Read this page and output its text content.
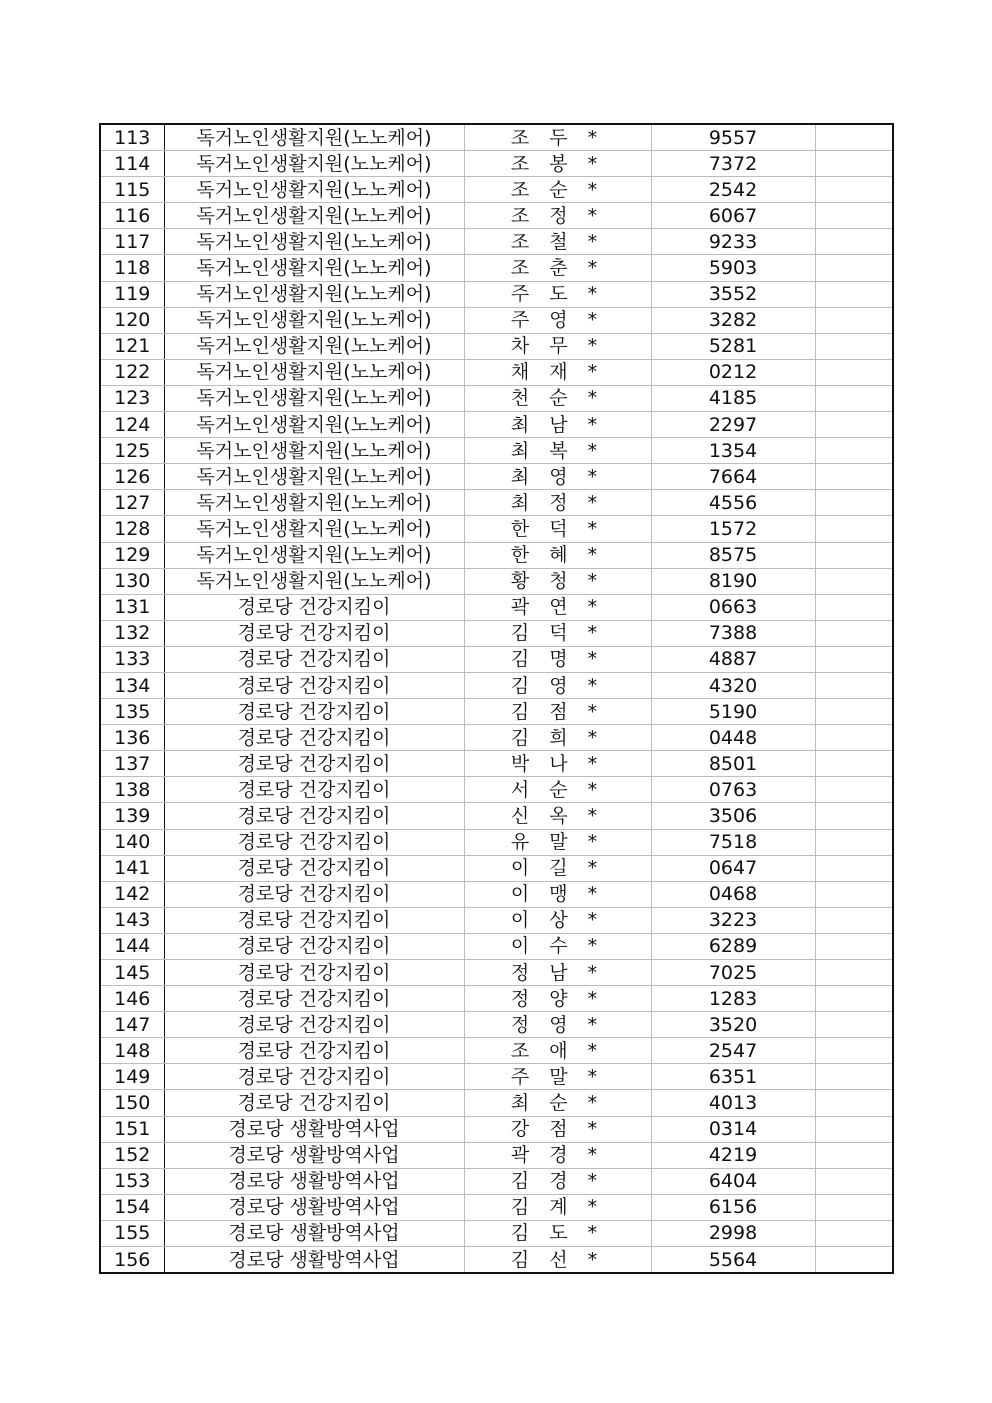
113	독거노인생활지원(노노케어)	조 두 *	9557	
114	독거노인생활지원(노노케어)	조 봉 *	7372	
115	독거노인생활지원(노노케어)	조 순 *	2542	
116	독거노인생활지원(노노케어)	조 정 *	6067	
117	독거노인생활지원(노노케어)	조 철 *	9233	
118	독거노인생활지원(노노케어)	조 춘 *	5903	
119	독거노인생활지원(노노케어)	주 도 *	3552	
120	독거노인생활지원(노노케어)	주 영 *	3282	
121	독거노인생활지원(노노케어)	차 무 *	5281	
122	독거노인생활지원(노노케어)	채 재 *	0212	
123	독거노인생활지원(노노케어)	천 순 *	4185	
124	독거노인생활지원(노노케어)	최 남 *	2297	
125	독거노인생활지원(노노케어)	최 복 *	1354	
126	독거노인생활지원(노노케어)	최 영 *	7664	
127	독거노인생활지원(노노케어)	최 정 *	4556	
128	독거노인생활지원(노노케어)	한 덕 *	1572	
129	독거노인생활지원(노노케어)	한 혜 *	8575	
130	독거노인생활지원(노노케어)	황 청 *	8190	
131	경로당 건강지킴이	곽 연 *	0663	
132	경로당 건강지킴이	김 덕 *	7388	
133	경로당 건강지킴이	김 명 *	4887	
134	경로당 건강지킴이	김 영 *	4320	
135	경로당 건강지킴이	김 점 *	5190	
136	경로당 건강지킴이	김 희 *	0448	
137	경로당 건강지킴이	박 나 *	8501	
138	경로당 건강지킴이	서 순 *	0763	
139	경로당 건강지킴이	신 옥 *	3506	
140	경로당 건강지킴이	유 말 *	7518	
141	경로당 건강지킴이	이 길 *	0647	
142	경로당 건강지킴이	이 맹 *	0468	
143	경로당 건강지킴이	이 상 *	3223	
144	경로당 건강지킴이	이 수 *	6289	
145	경로당 건강지킴이	정 남 *	7025	
146	경로당 건강지킴이	정 양 *	1283	
147	경로당 건강지킴이	정 영 *	3520	
148	경로당 건강지킴이	조 애 *	2547	
149	경로당 건강지킴이	주 말 *	6351	
150	경로당 건강지킴이	최 순 *	4013	
151	경로당 생활방역사업	강 점 *	0314	
152	경로당 생활방역사업	곽 경 *	4219	
153	경로당 생활방역사업	김 경 *	6404	
154	경로당 생활방역사업	김 계 *	6156	
155	경로당 생활방역사업	김 도 *	2998	
156	경로당 생활방역사업	김 선 *	5564	
